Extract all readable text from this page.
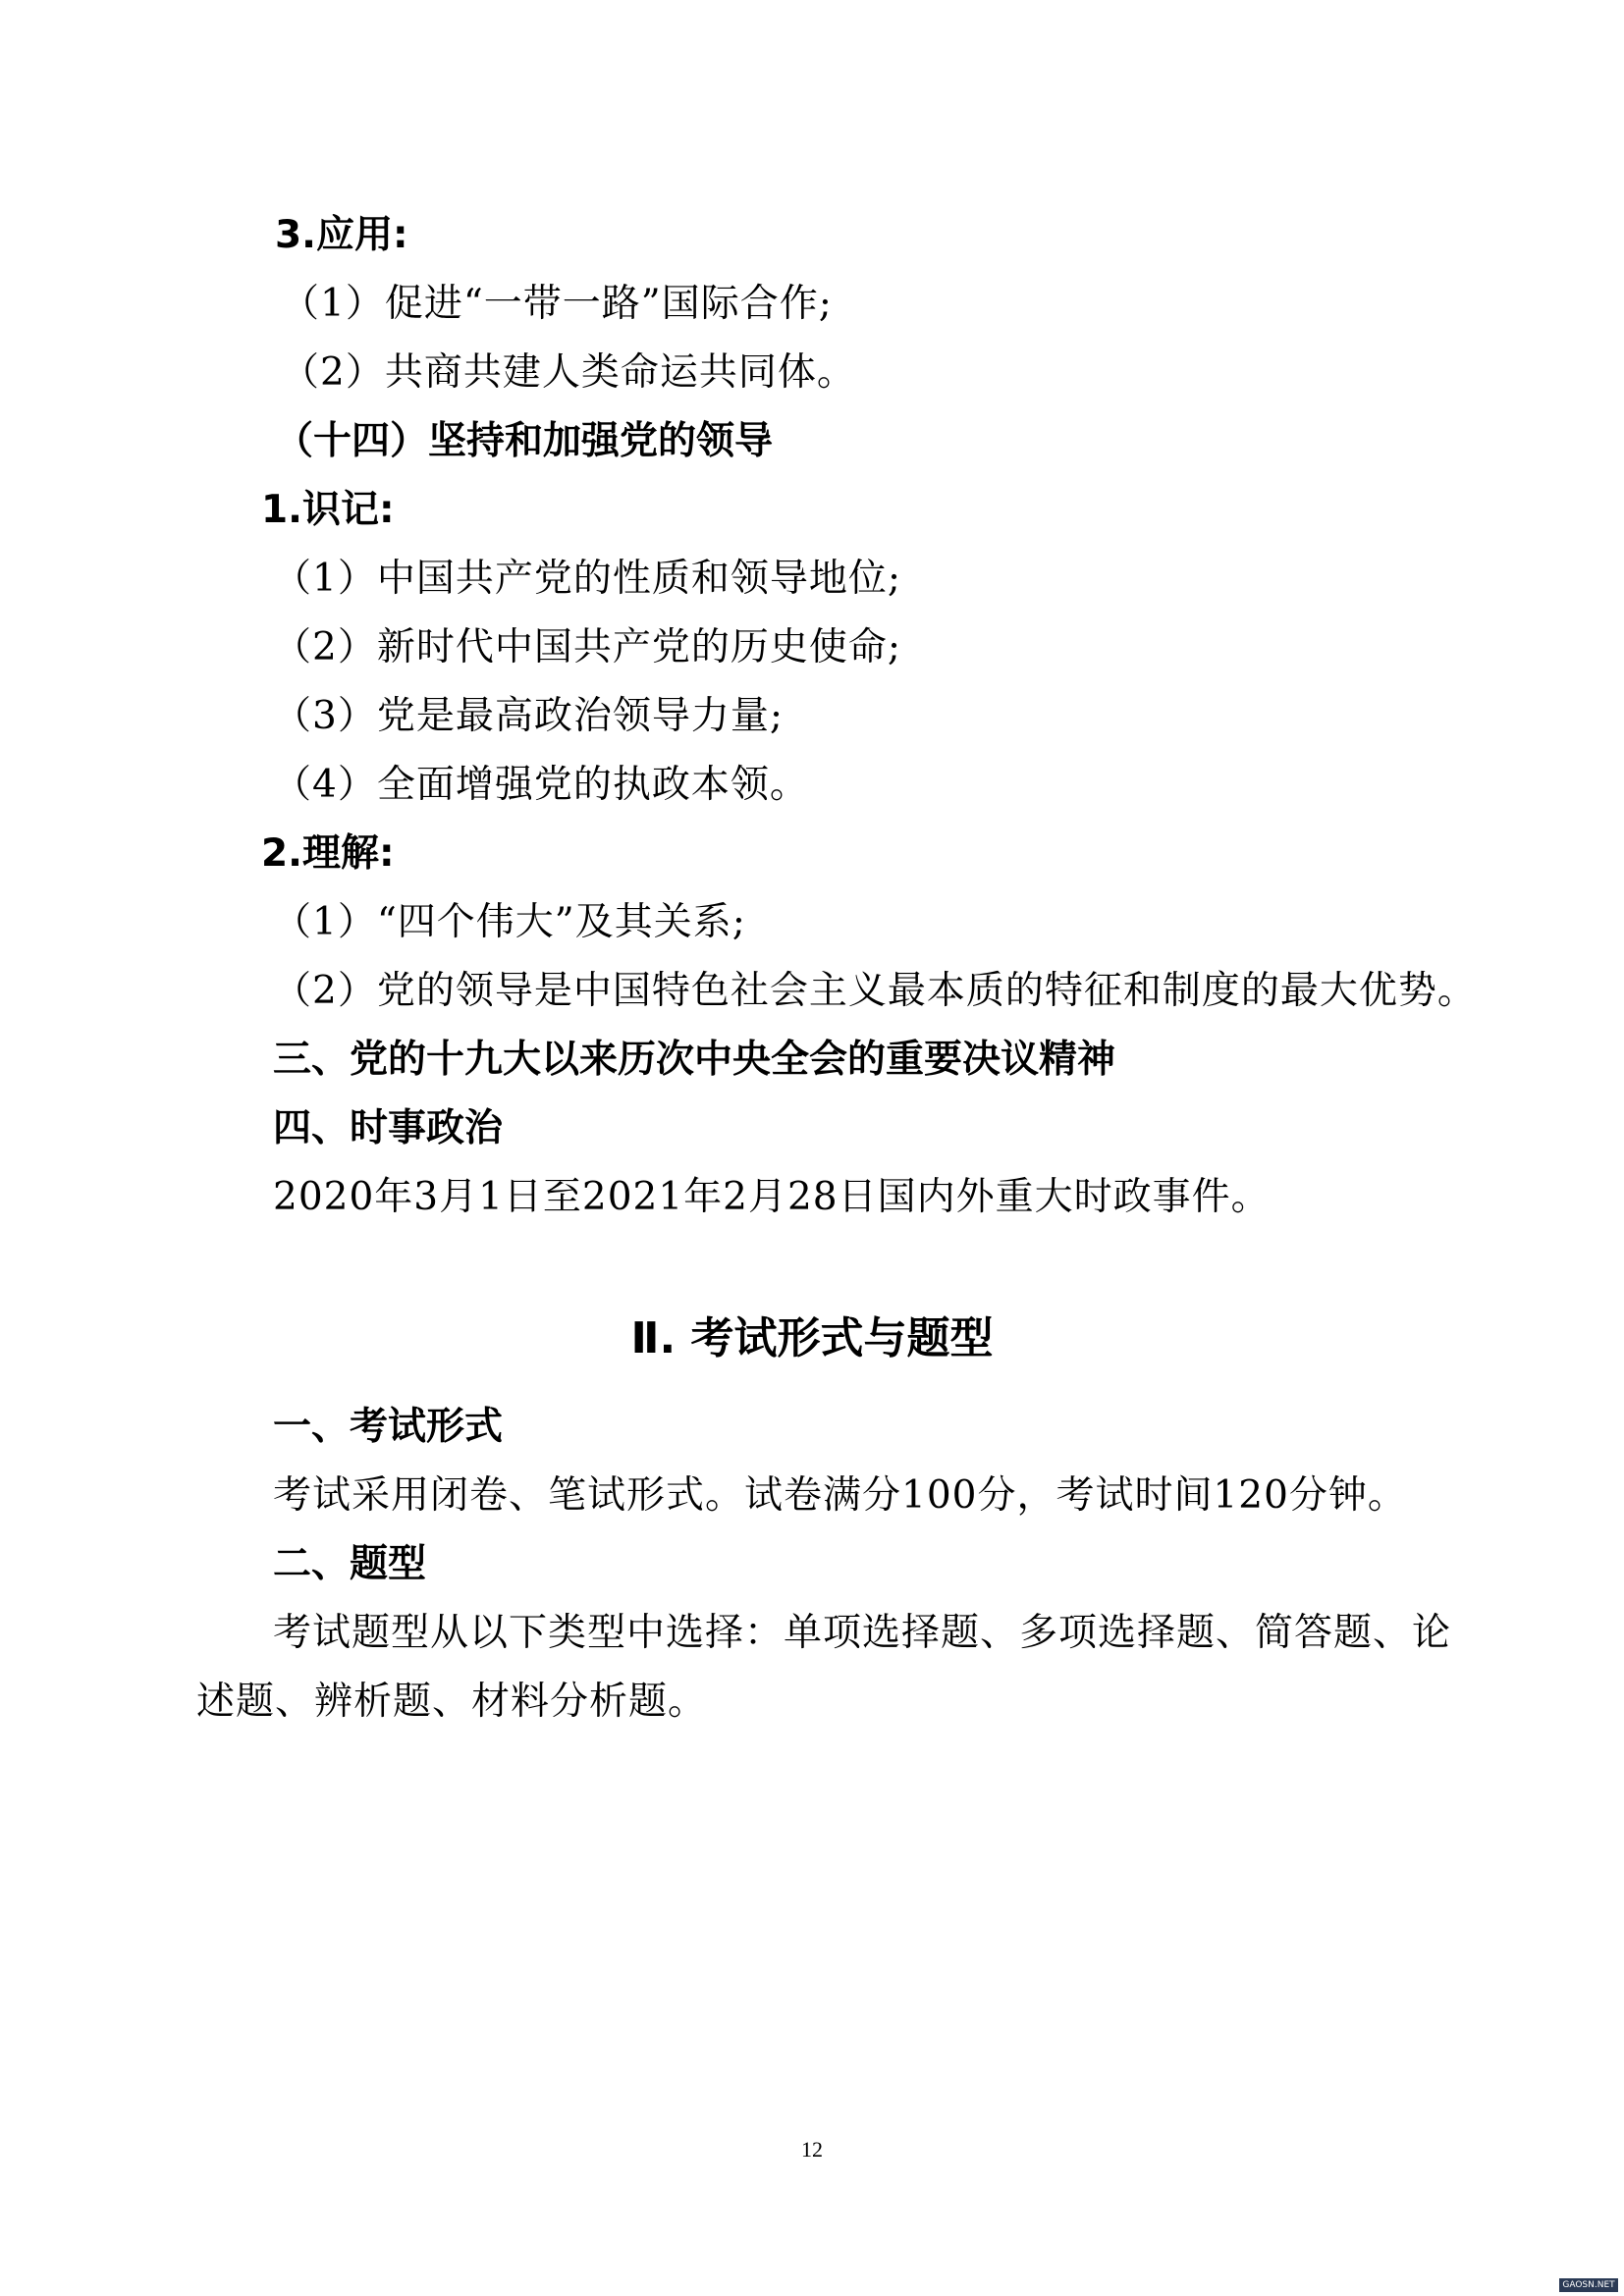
3.应用:
（1）促进“一带一路”国际合作;
（2）共商共建人类命运共同体。
（十四）坚持和加强党的领导
1.识记:
（1）中国共产党的性质和领导地位;
（2）新时代中国共产党的历史使命;
（3）党是最高政治领导力量;
（4）全面增强党的执政本领。
2.理解:
（1）“四个伟大”及其关系;
（2）党的领导是中国特色社会主义最本质的特征和制度的最大优势。
三、党的十九大以来历次中央全会的重要决议精神
四、时事政治
2020年3月1日至2021年2月28日国内外重大时政事件。
Ⅱ. 考试形式与题型
一、考试形式
考试采用闭卷、笔试形式。试卷满分100分，考试时间120分钟。
二、题型
考试题型从以下类型中选择：单项选择题、多项选择题、简答题、论
述题、辨析题、材料分析题。
12
GAOSN.NET
